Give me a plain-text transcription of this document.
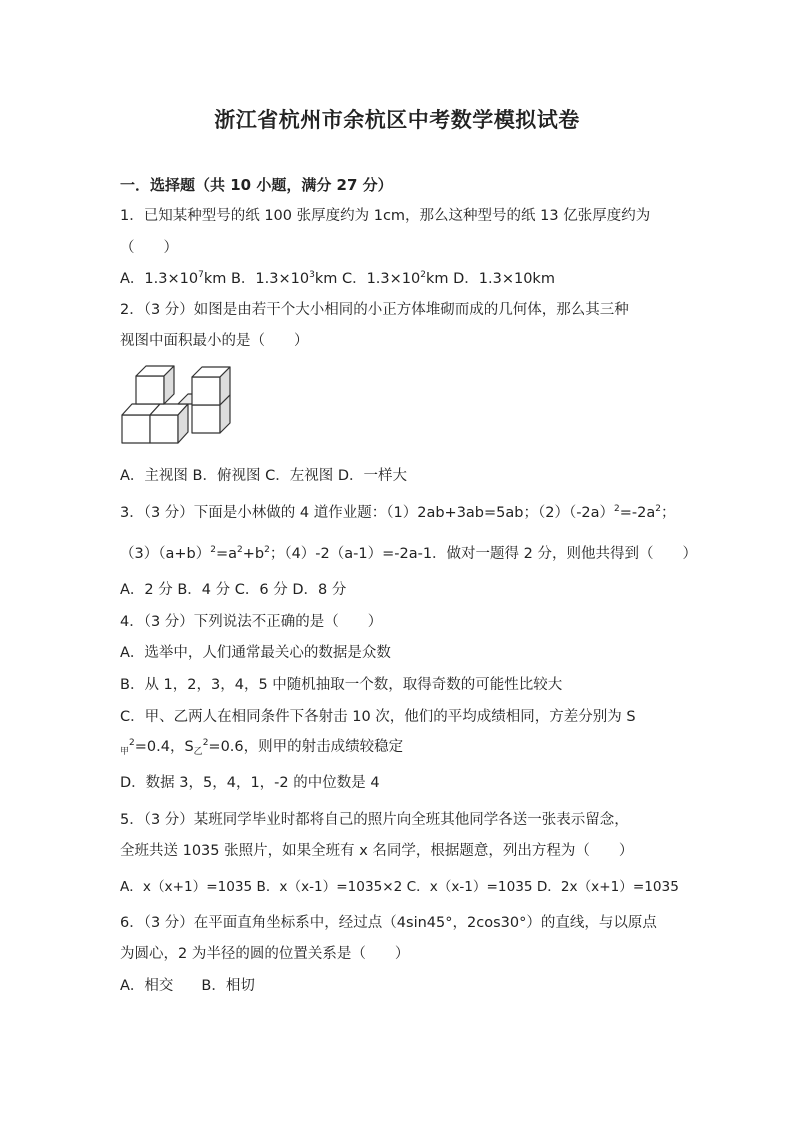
浙江省杭州市余杭区中考数学模拟试卷
一．选择题（共 10 小题，满分 27 分）
1．已知某种型号的纸 100 张厚度约为 1cm，那么这种型号的纸 13 亿张厚度约为
（　　）
A．$1.3\times 10^7km$ B．$1.3\times 10^3km$ C．$1.3\times 10^2km$ D．1.3×10km
2．（3 分）如图是由若干个大小相同的小正方体堆砌而成的几何体，那么其三种
视图中面积最小的是（　　）
A．主视图 B．俯视图 C．左视图 D．一样大
3．（3 分）下面是小林做的 4 道作业题：（1）2ab+3ab=5ab；$(2)(-2a)^2=-2a^2$；
$(3)(a+b)^2=a^2+b^2$；（4）-2（a-1）=-2a-1．做对一题得 2 分，则他共得到（　　）
A．2 分 B．4 分 C．6 分 D．8 分
4．（3 分）下列说法不正确的是（　　）
A．选举中，人们通常最关心的数据是众数
B．从 1，2，3，4，5 中随机抽取一个数，取得奇数的可能性比较大
C．甲、乙两人在相同条件下各射击 10 次，他们的平均成绩相同，方差分别为 S
$_甲^2$=0.4，$S_乙^2=0.6$，则甲的射击成绩较稳定
D．数据 3，5，4，1，-2 的中位数是 4
5．（3 分）某班同学毕业时都将自己的照片向全班其他同学各送一张表示留念，
全班共送 1035 张照片，如果全班有 x 名同学，根据题意，列出方程为（　　）
A．x（x+1）=1035 B．x（x-1）=1035×2 C．x（x-1）=1035 D．2x（x+1）=1035
6．（3 分）在平面直角坐标系中，经过点（4sin45°，2cos30°）的直线，与以原点
为圆心，2 为半径的圆的位置关系是（　　）
A．相交 B．相切
